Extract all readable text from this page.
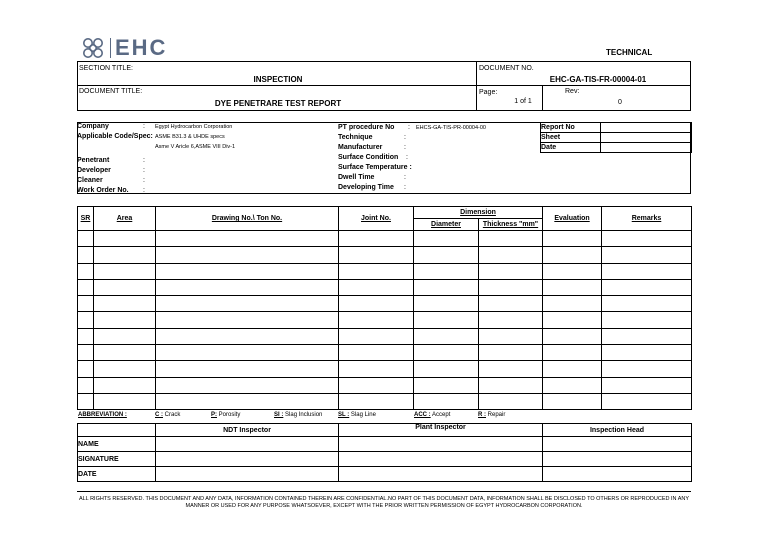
EHC	TECHNICAL
SECTION TITLE:
INSPECTION
DOCUMENT NO.
EHC-GA-TIS-FR-00004-01
DOCUMENT TITLE:
DYE PENETRARE TEST REPORT
Page:
1 of 1
Rev:
0
Company	:	Egypt Hydrocarbon Corporation
Applicable Code/Spec: ASME B31.3 & UHDE specs
Asme V Aricle 6,ASME VIII Div-1
Penetrant	:
Developer	:
Cleaner	:
Work Order No.	:
PT procedure No	:	EHCS-GA-TIS-PR-00004-00
Technique	:
Manufacturer	:
Surface Condition	:
Surface Temperature :
Dwell Time	:
Developing Time	:
Report No	
Sheet	
Date	
SR	Area	Drawing No.\ Ton No.	Joint No.	Dimension		Evaluation	Remarks
				Diameter	Thickness "mm"		

ABBREVIATION :	C : Crack	P: Porosity	SI : Slag Inclusion	SL : Slag Line	ACC : Accept	R : Repair
	NDT Inspector	Plant Inspector	Inspection Head
NAME			
SIGNATURE			
DATE			
ALL RIGHTS RESERVED. THIS DOCUMENT AND ANY DATA, INFORMATION CONTAINED THEREIN ARE CONFIDENTIAL.NO PART OF THIS DOCUMENT DATA, INFORMATION SHALL BE DISCLOSED TO OTHERS OR REPRODUCED IN ANY MANNER OR USED FOR ANY PURPOSE WHATSOEVER, EXCEPT WITH THE PRIOR WRITTEN PERMISSION OF EGYPT HYDROCARBON CORPORATION.
